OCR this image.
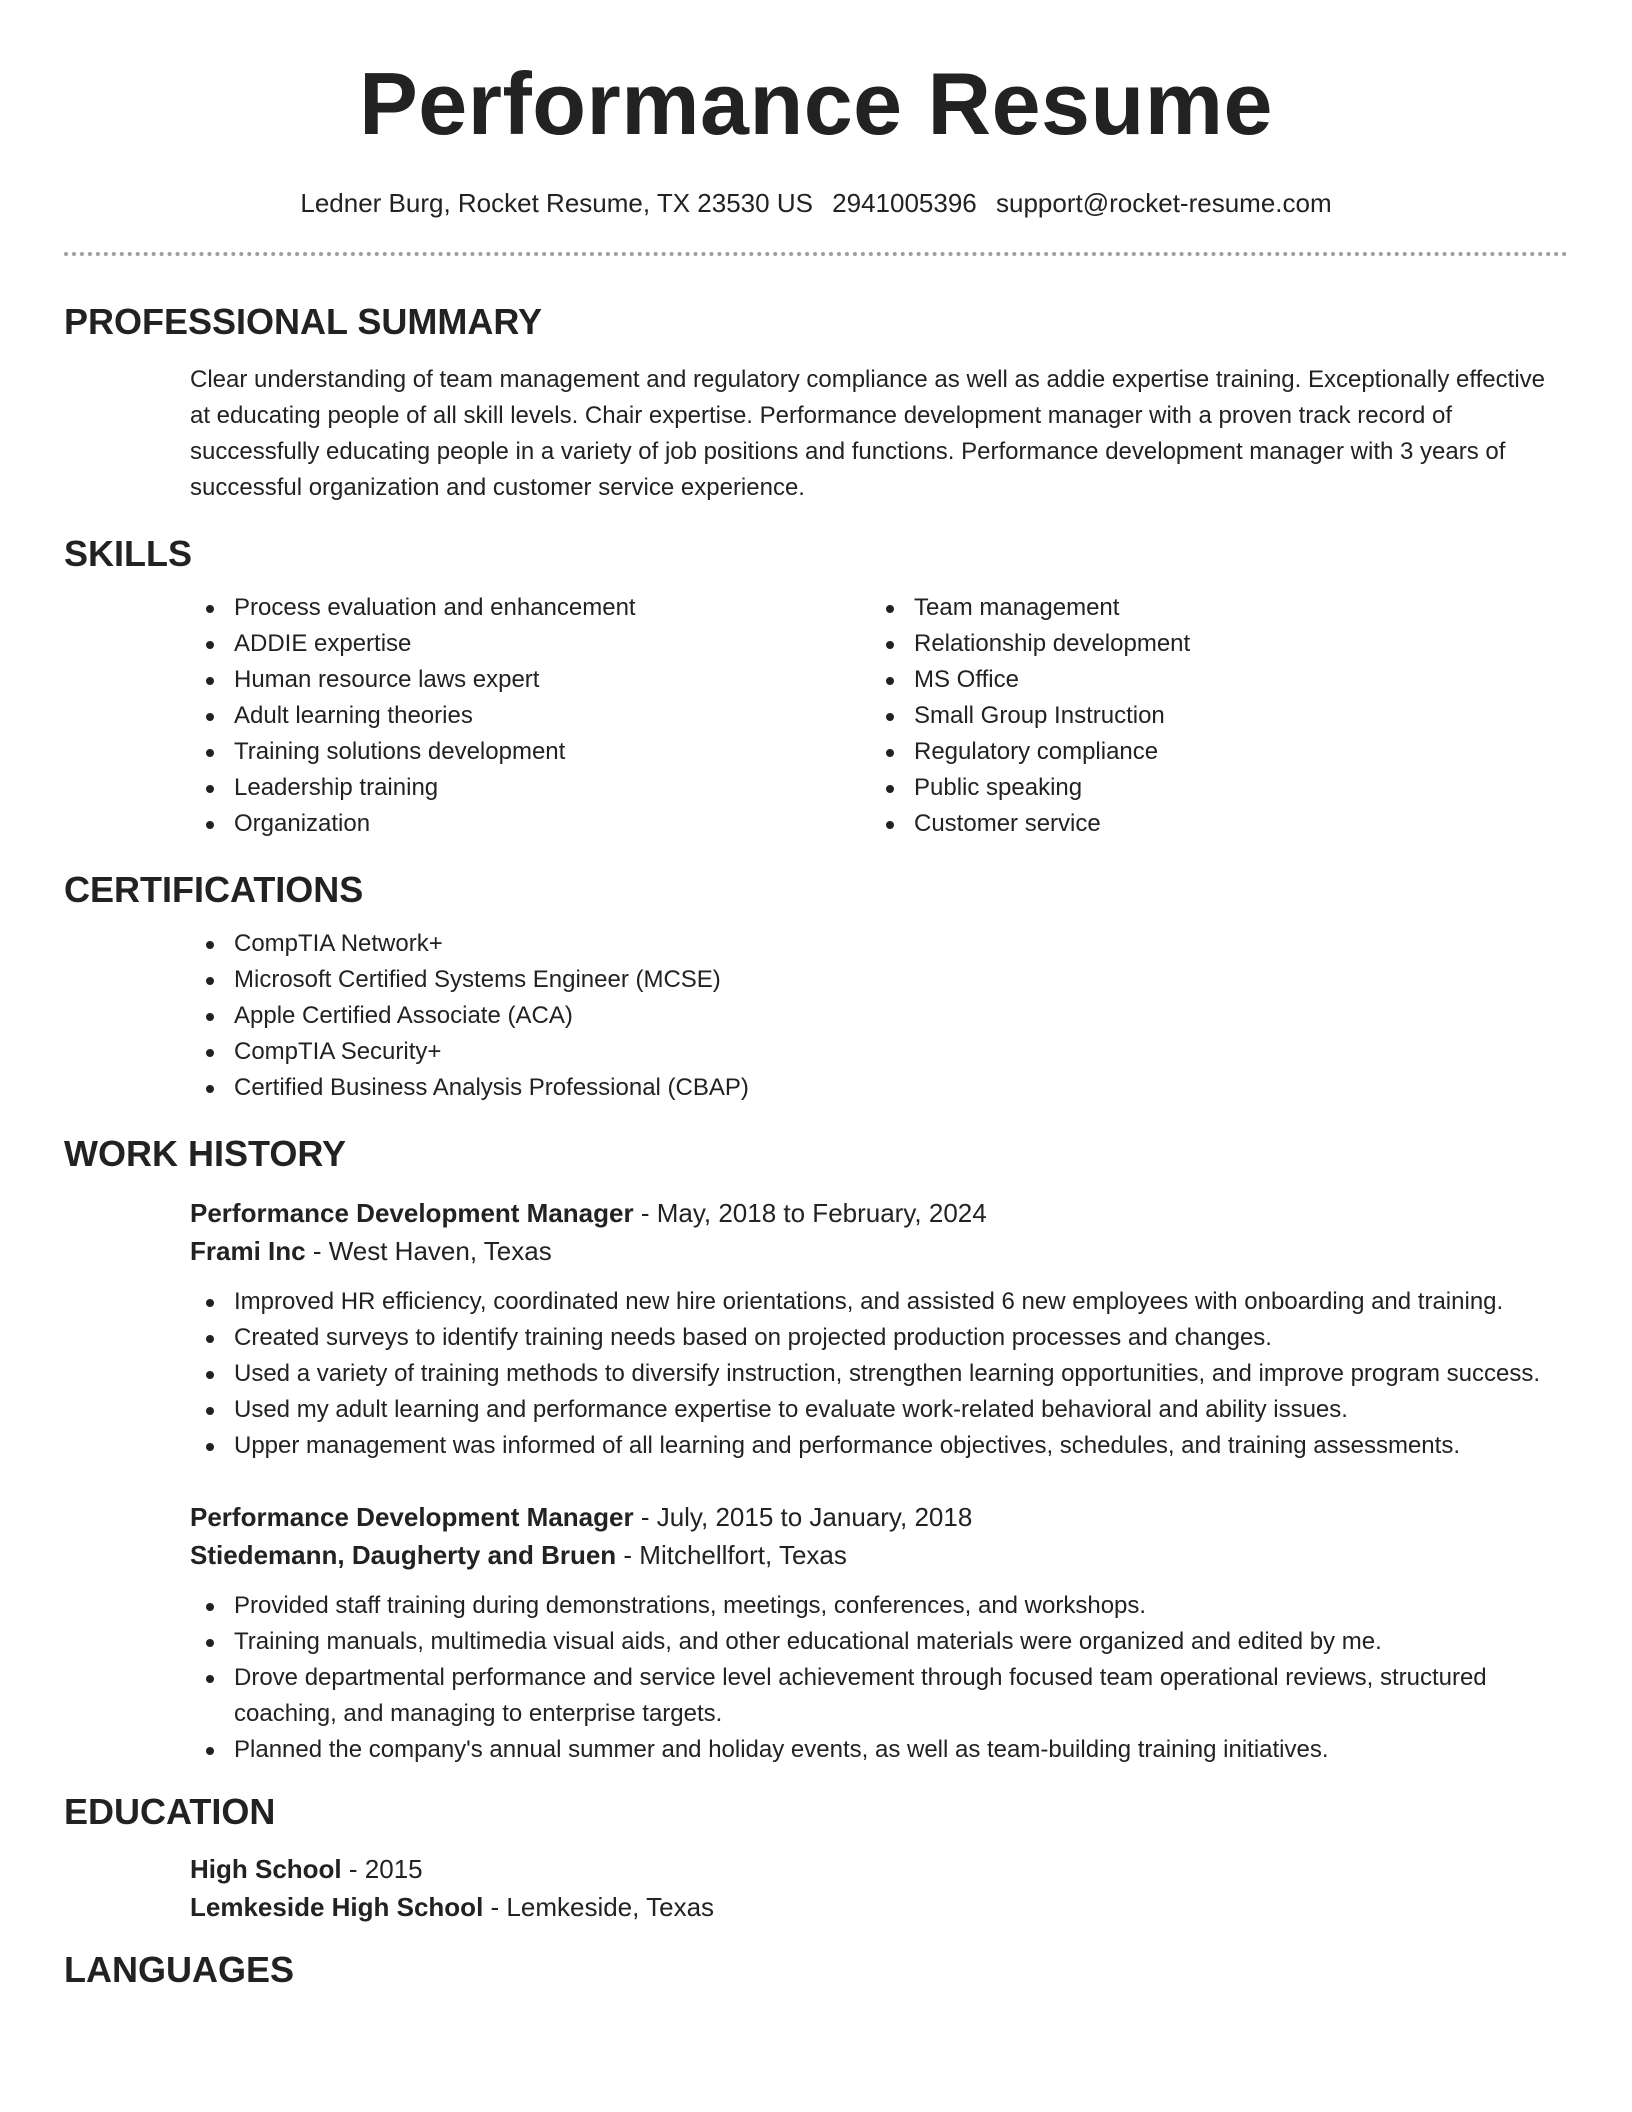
Performance Resume
Ledner Burg, Rocket Resume, TX 23530 US 2941005396 support@rocket-resume.com
PROFESSIONAL SUMMARY

Clear understanding of team management and regulatory compliance as well as addie expertise training. Exceptionally effective at educating people of all skill levels. Chair expertise. Performance development manager with a proven track record of successfully educating people in a variety of job positions and functions. Performance development manager with 3 years of successful organization and customer service experience.

SKILLS
Process evaluation and enhancement
ADDIE expertise
Human resource laws expert
Adult learning theories
Training solutions development
Leadership training
Organization
Team management
Relationship development
MS Office
Small Group Instruction
Regulatory compliance
Public speaking
Customer service
CERTIFICATIONS
CompTIA Network+
Microsoft Certified Systems Engineer (MCSE)
Apple Certified Associate (ACA)
CompTIA Security+
Certified Business Analysis Professional (CBAP)
WORK HISTORY
Performance Development Manager - May, 2018 to February, 2024
Frami Inc - West Haven, Texas
Improved HR efficiency, coordinated new hire orientations, and assisted 6 new employees with onboarding and training.
Created surveys to identify training needs based on projected production processes and changes.
Used a variety of training methods to diversify instruction, strengthen learning opportunities, and improve program success.
Used my adult learning and performance expertise to evaluate work-related behavioral and ability issues.
Upper management was informed of all learning and performance objectives, schedules, and training assessments.
Performance Development Manager - July, 2015 to January, 2018
Stiedemann, Daugherty and Bruen - Mitchellfort, Texas
Provided staff training during demonstrations, meetings, conferences, and workshops.
Training manuals, multimedia visual aids, and other educational materials were organized and edited by me.
Drove departmental performance and service level achievement through focused team operational reviews, structured coaching, and managing to enterprise targets.
Planned the company's annual summer and holiday events, as well as team-building training initiatives.
EDUCATION
High School - 2015
Lemkeside High School - Lemkeside, Texas
LANGUAGES
